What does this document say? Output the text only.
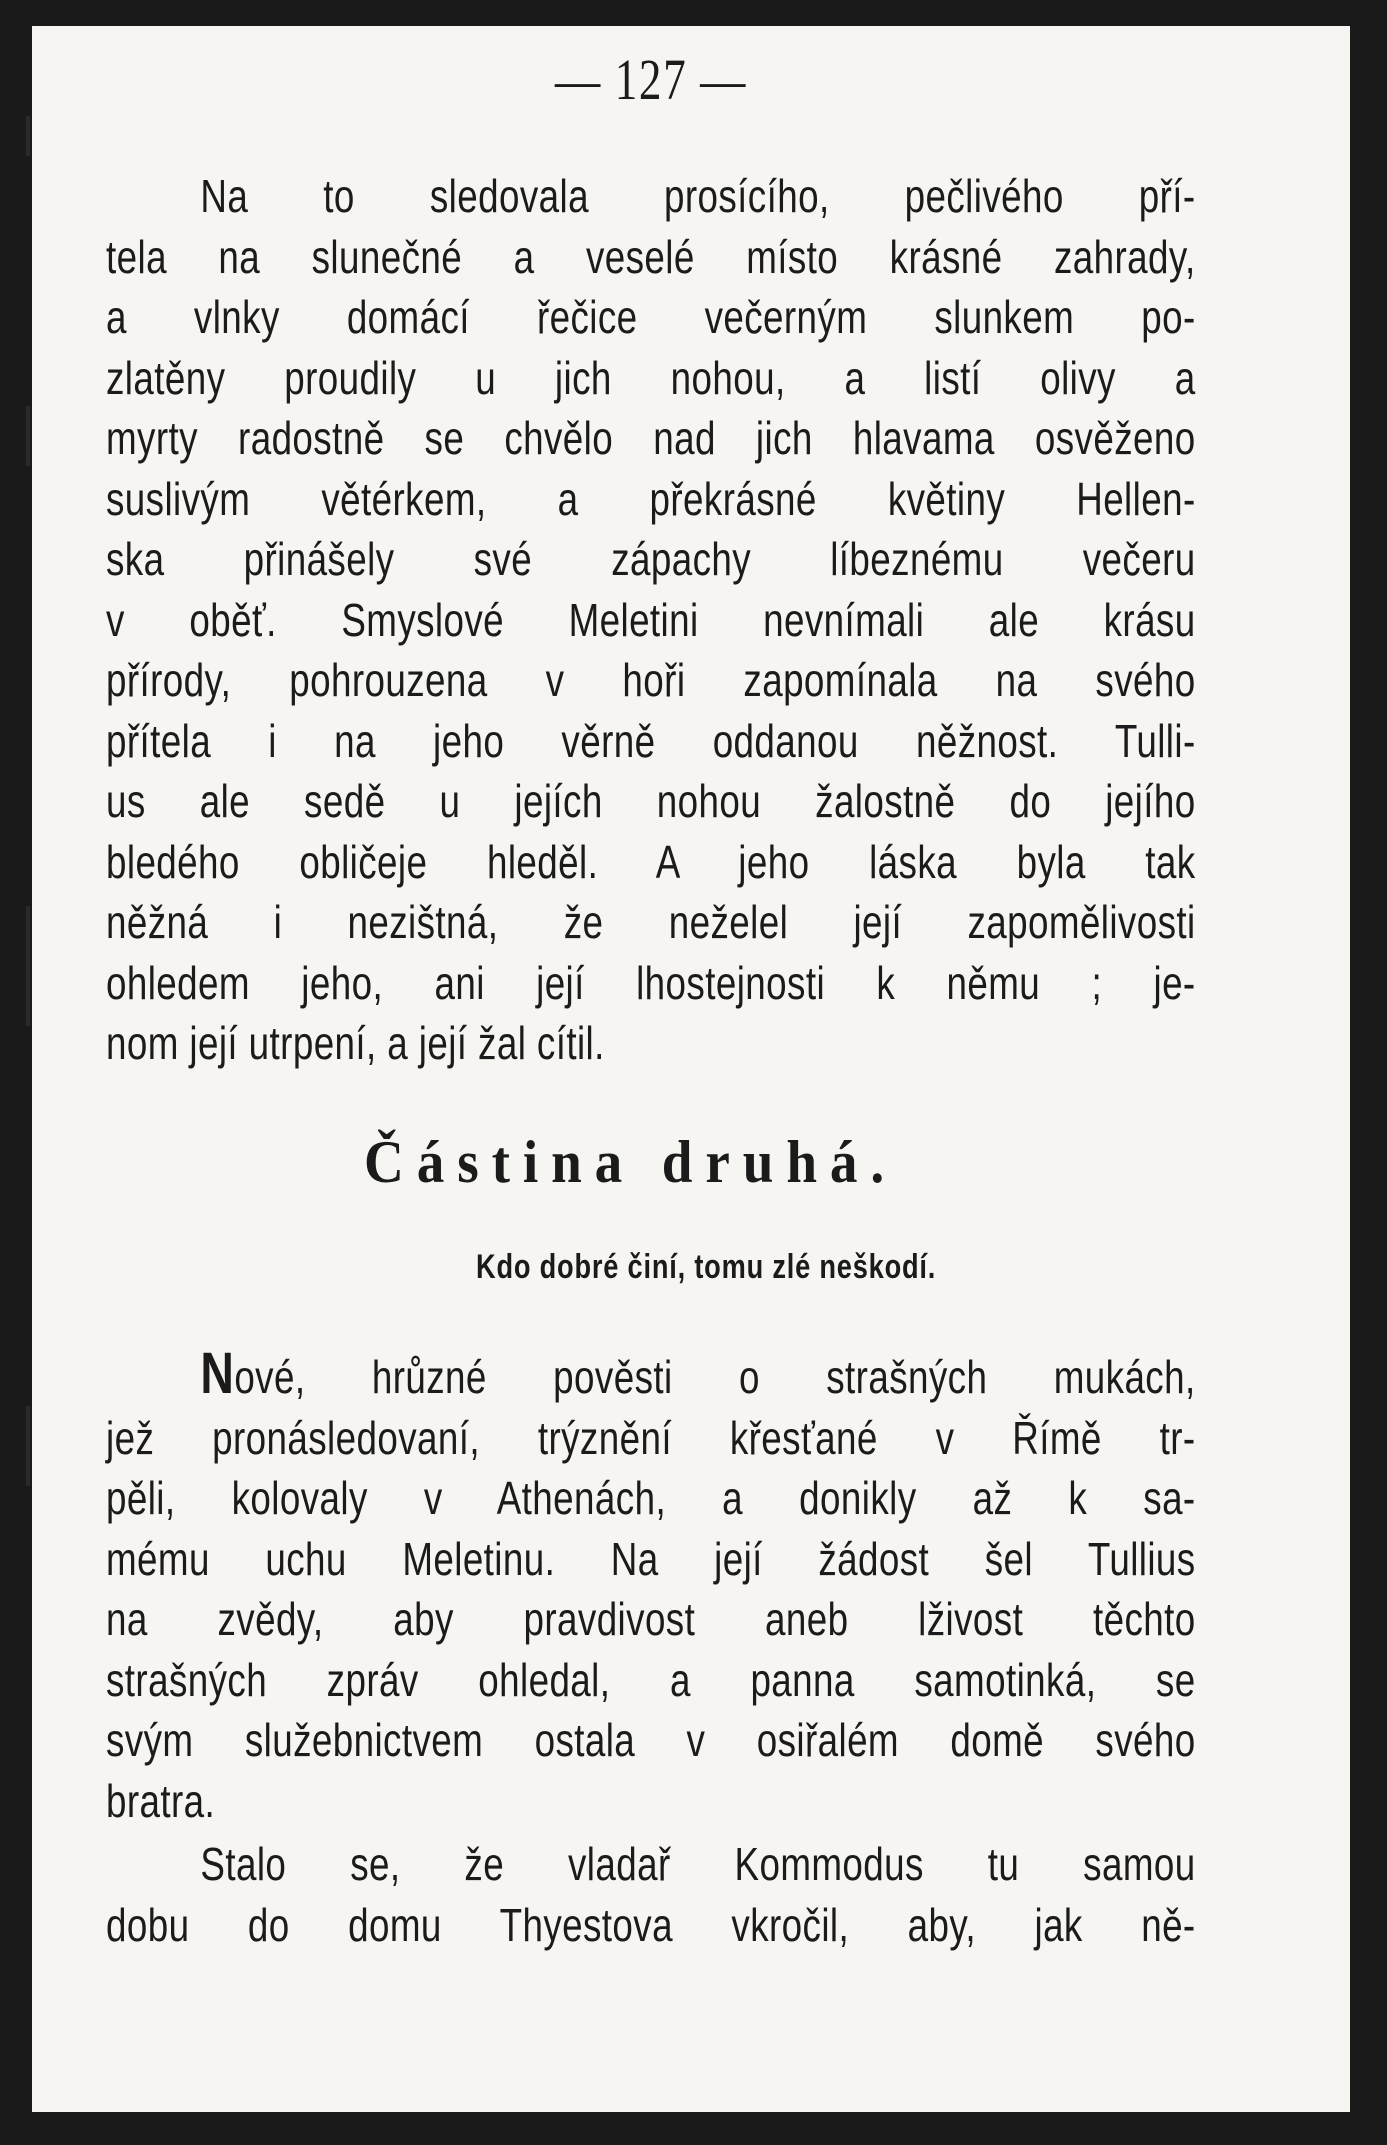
— 127 —
Na to sledovala prosícího, pečlivého pří-
tela na slunečné a veselé místo krásné zahrady,
a vlnky domácí řečice večerným slunkem po-
zlatěny proudily u jich nohou, a listí olivy a
myrty radostně se chvělo nad jich hlavama osvěženo
suslivým větérkem, a překrásné květiny Hellen-
ska přinášely své zápachy líbeznému večeru
v oběť. Smyslové Meletini nevnímali ale krásu
přírody, pohrouzena v hoři zapomínala na svého
přítela i na jeho věrně oddanou něžnost. Tulli-
us ale sedě u jejích nohou žalostně do jejího
bledého obličeje hleděl. A jeho láska byla tak
něžná i nezištná, že neželel její zapomělivosti
ohledem jeho, ani její lhostejnosti k němu ; je-
nom její utrpení, a její žal cítil.
Částina druhá.
Kdo dobré činí, tomu zlé neškodí.
Nové, hrůzné pověsti o strašných mukách,
jež pronásledovaní, trýznění křesťané v Římě tr-
pěli, kolovaly v Athenách, a donikly až k sa-
mému uchu Meletinu. Na její žádost šel Tullius
na zvědy, aby pravdivost aneb lživost těchto
strašných zpráv ohledal, a panna samotinká, se
svým služebnictvem ostala v osiřalém domě svého
bratra.
Stalo se, že vladař Kommodus tu samou
dobu do domu Thyestova vkročil, aby, jak ně-
